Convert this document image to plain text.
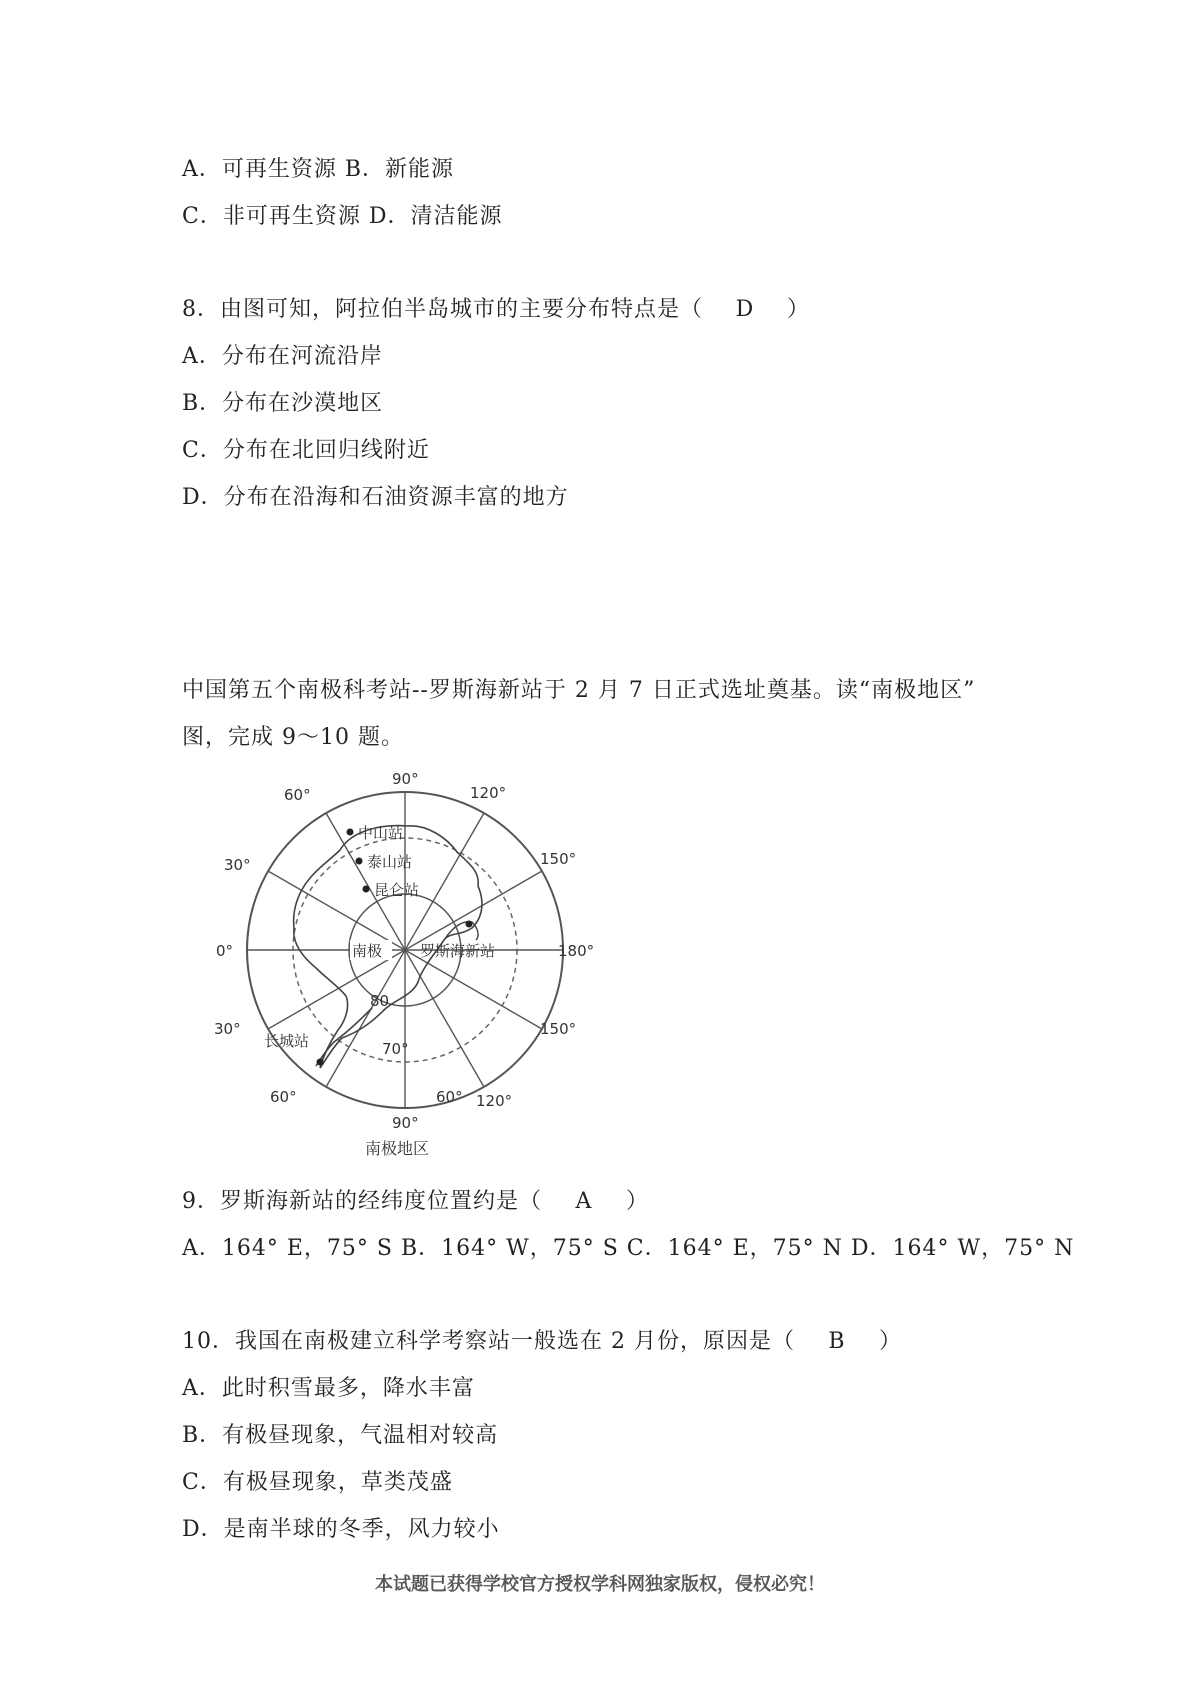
A．可再生资源 B．新能源
C．非可再生资源 D．清洁能源
8．由图可知，阿拉伯半岛城市的主要分布特点是（ D ）
A．分布在河流沿岸
B．分布在沙漠地区
C．分布在北回归线附近
D．分布在沿海和石油资源丰富的地方
中国第五个南极科考站--罗斯海新站于 2 月 7 日正式选址奠基。读“南极地区”
图，完成 9～10 题。
中山站
泰山站
昆仑站
罗斯海新站
长城站
南极
80
70°
90°
60°	120°
30°	150°
0°	180°
30°	150°
60°	60° 120°
90°
南极地区
9．罗斯海新站的经纬度位置约是（ A ）
A．164° E，75° S B．164° W，75° S C．164° E，75° N D．164° W，75° N
10．我国在南极建立科学考察站一般选在 2 月份，原因是（ B ）
A．此时积雪最多，降水丰富
B．有极昼现象，气温相对较高
C．有极昼现象，草类茂盛
D．是南半球的冬季，风力较小
本试题已获得学校官方授权学科网独家版权，侵权必究！
